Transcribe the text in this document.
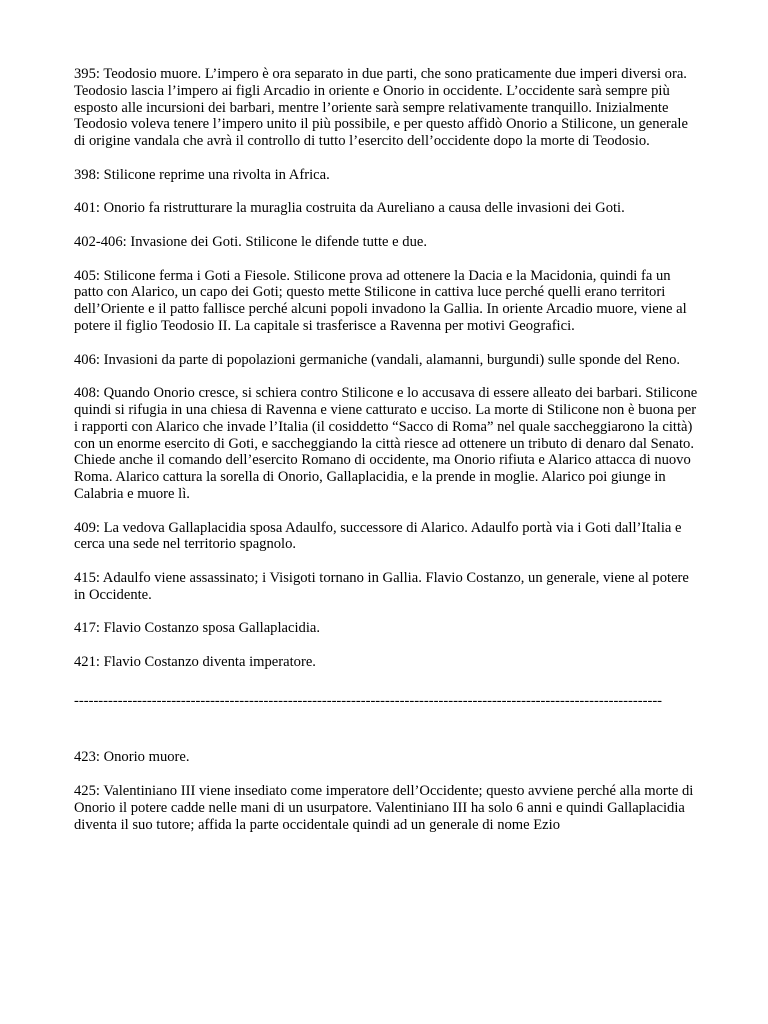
395: Teodosio muore. L’impero è ora separato in due parti, che sono praticamente due imperi diversi ora. Teodosio lascia l’impero ai figli Arcadio in oriente e Onorio in occidente. L’occidente sarà sempre più esposto alle incursioni dei barbari, mentre l’oriente sarà sempre relativamente tranquillo. Inizialmente Teodosio voleva tenere l’impero unito il più possibile, e per questo affidò Onorio a Stilicone, un generale di origine vandala che avrà il controllo di tutto l’esercito dell’occidente dopo la morte di Teodosio.

398: Stilicone reprime una rivolta in Africa.

401: Onorio fa ristrutturare la muraglia costruita da Aureliano a causa delle invasioni dei Goti.

402-406: Invasione dei Goti. Stilicone le difende tutte e due.

405: Stilicone ferma i Goti a Fiesole. Stilicone prova ad ottenere la Dacia e la Macidonia, quindi fa un patto con Alarico, un capo dei Goti; questo mette Stilicone in cattiva luce perché quelli erano territori dell’Oriente e il patto fallisce perché alcuni popoli invadono la Gallia. In oriente Arcadio muore, viene al potere il figlio Teodosio II. La capitale si trasferisce a Ravenna per motivi Geografici.

406: Invasioni da parte di popolazioni germaniche (vandali, alamanni, burgundi) sulle sponde del Reno.

408: Quando Onorio cresce, si schiera contro Stilicone e lo accusava di essere alleato dei barbari. Stilicone quindi si rifugia in una chiesa di Ravenna e viene catturato e ucciso. La morte di Stilicone non è buona per i rapporti con Alarico che invade l’Italia (il cosiddetto “Sacco di Roma” nel quale saccheggiarono la città) con un enorme esercito di Goti, e saccheggiando la città riesce ad ottenere un tributo di denaro dal Senato. Chiede anche il comando dell’esercito Romano di occidente, ma Onorio rifiuta e Alarico attacca di nuovo Roma. Alarico cattura la sorella di Onorio, Gallaplacidia, e la prende in moglie. Alarico poi giunge in Calabria e muore lì.

409: La vedova Gallaplacidia sposa Adaulfo, successore di Alarico. Adaulfo portà via i Goti dall’Italia e cerca una sede nel territorio spagnolo.

415: Adaulfo viene assassinato; i Visigoti tornano in Gallia. Flavio Costanzo, un generale, viene al potere in Occidente.

417: Flavio Costanzo sposa Gallaplacidia.

421: Flavio Costanzo diventa imperatore.

-------------------------------------------------------------------------------------------------------------------------

423: Onorio muore.

425: Valentiniano III viene insediato come imperatore dell’Occidente; questo avviene perché alla morte di Onorio il potere cadde nelle mani di un usurpatore. Valentiniano III ha solo 6 anni e quindi Gallaplacidia diventa il suo tutore; affida la parte occidentale quindi ad un generale di nome Ezio
